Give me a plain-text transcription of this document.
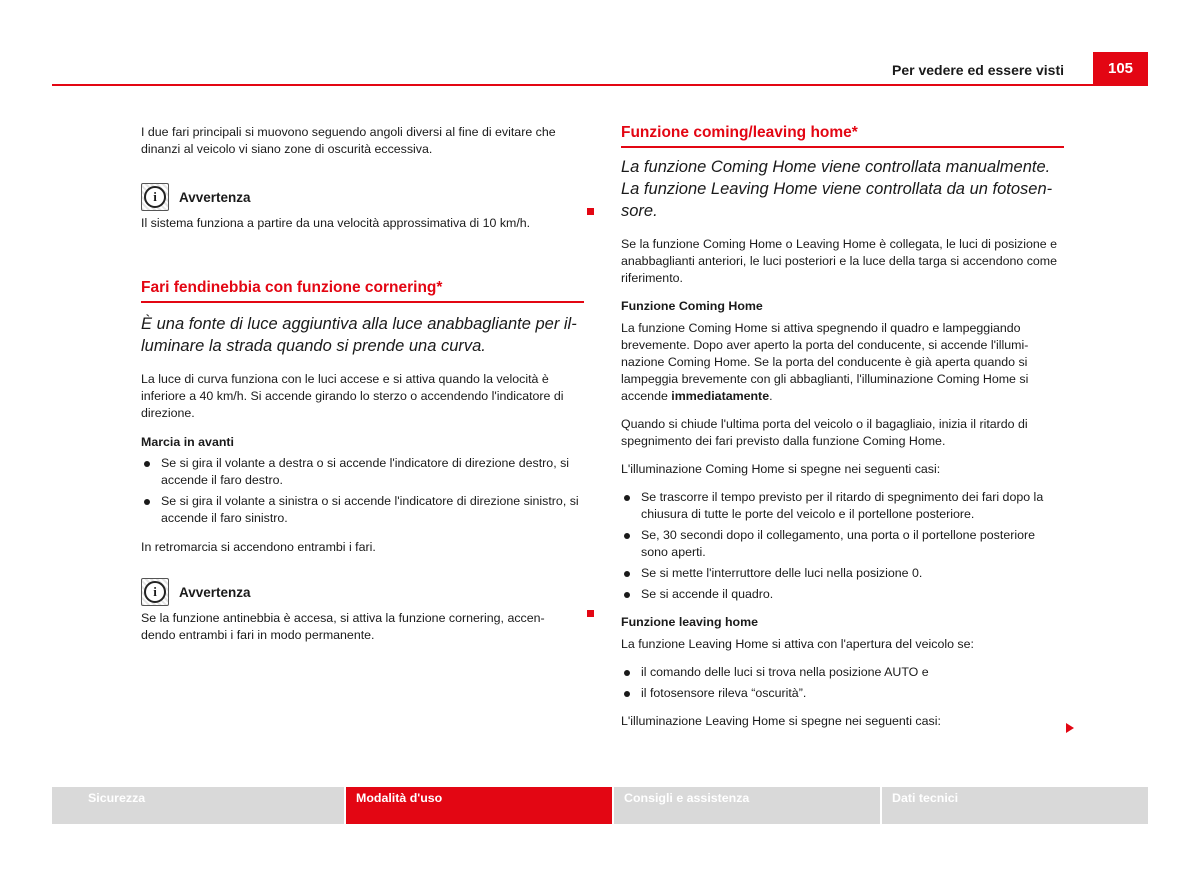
Per vedere ed essere visti	105

I due fari principali si muovono seguendo angoli diversi al fine di evitare che dinanzi al veicolo vi siano zone di oscurità eccessiva.

i	Avvertenza

Il sistema funziona a partire da una velocità approssimativa di 10 km/h.

Fari fendinebbia con funzione cornering*

È una fonte di luce aggiuntiva alla luce anabbagliante per illuminare la strada quando si prende una curva.

La luce di curva funziona con le luci accese e si attiva quando la velocità è inferiore a 40 km/h. Si accende girando lo sterzo o accendendo l'indicatore di direzione.

Marcia in avanti

Se si gira il volante a destra o si accende l'indicatore di direzione destro, si accende il faro destro.
Se si gira il volante a sinistra o si accende l'indicatore di direzione sinistro, si accende il faro sinistro.

In retromarcia si accendono entrambi i fari.

i	Avvertenza

Se la funzione antinebbia è accesa, si attiva la funzione cornering, accendendo entrambi i fari in modo permanente.

Funzione coming/leaving home*

La funzione Coming Home viene controllata manualmente. La funzione Leaving Home viene controllata da un fotosensore.

Se la funzione Coming Home o Leaving Home è collegata, le luci di posizione e anabbaglianti anteriori, le luci posteriori e la luce della targa si accendono come riferimento.

Funzione Coming Home

La funzione Coming Home si attiva spegnendo il quadro e lampeggiando brevemente. Dopo aver aperto la porta del conducente, si accende l'illuminazione Coming Home. Se la porta del conducente è già aperta quando si lampeggia brevemente con gli abbaglianti, l'illuminazione Coming Home si accende immediatamente.

Quando si chiude l'ultima porta del veicolo o il bagagliaio, inizia il ritardo di spegnimento dei fari previsto dalla funzione Coming Home.

L'illuminazione Coming Home si spegne nei seguenti casi:

Se trascorre il tempo previsto per il ritardo di spegnimento dei fari dopo la chiusura di tutte le porte del veicolo e il portellone posteriore.
Se, 30 secondi dopo il collegamento, una porta o il portellone posteriore sono aperti.
Se si mette l'interruttore delle luci nella posizione 0.
Se si accende il quadro.

Funzione leaving home

La funzione Leaving Home si attiva con l'apertura del veicolo se:

il comando delle luci si trova nella posizione AUTO e
il fotosensore rileva “oscurità”.

L'illuminazione Leaving Home si spegne nei seguenti casi:

Sicurezza	Modalità d'uso	Consigli e assistenza	Dati tecnici
